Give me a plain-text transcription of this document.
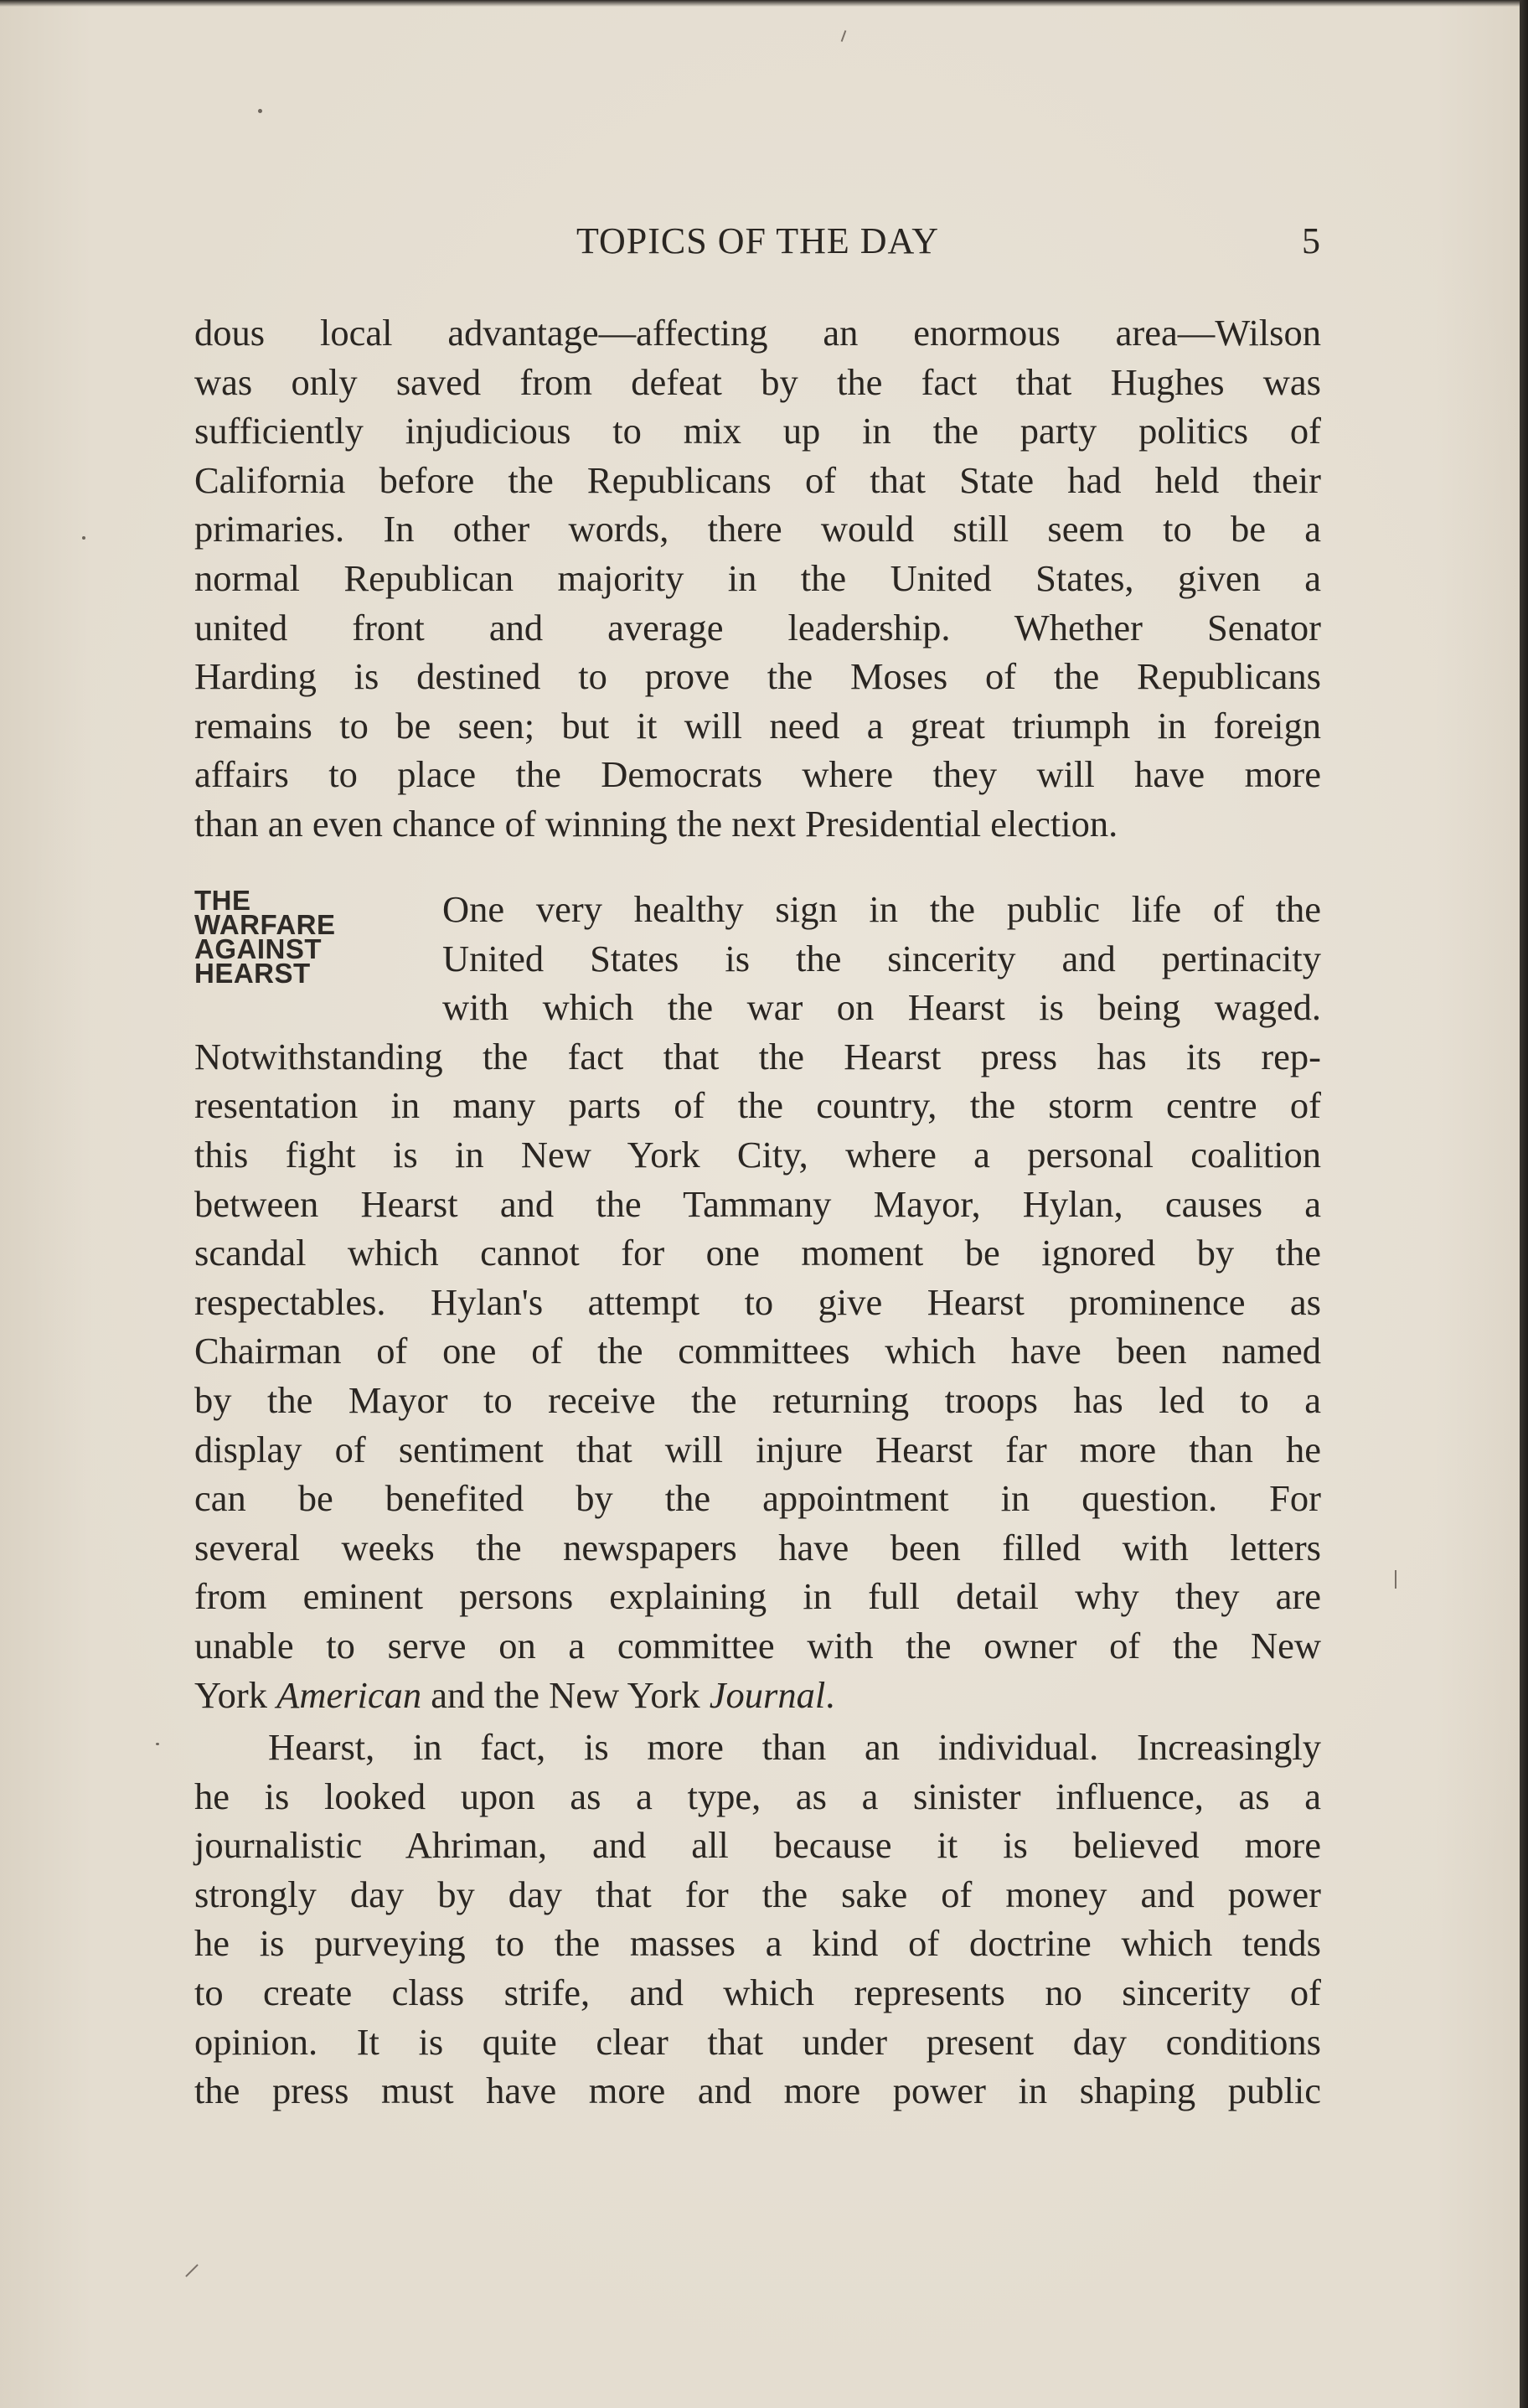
TOPICS OF THE DAY	5
dous local advantage—affecting an enormous area—Wilson
was only saved from defeat by the fact that Hughes was
sufficiently injudicious to mix up in the party politics of
California before the Republicans of that State had held their
primaries. In other words, there would still seem to be a
normal Republican majority in the United States, given a
united front and average leadership. Whether Senator
Harding is destined to prove the Moses of the Republicans
remains to be seen; but it will need a great triumph in foreign
affairs to place the Democrats where they will have more
than an even chance of winning the next Presidential election.
THE
WARFARE
AGAINST
HEARST
One very healthy sign in the public life of the
United States is the sincerity and pertinacity
with which the war on Hearst is being waged.
Notwithstanding the fact that the Hearst press has its rep-
resentation in many parts of the country, the storm centre of
this fight is in New York City, where a personal coalition
between Hearst and the Tammany Mayor, Hylan, causes a
scandal which cannot for one moment be ignored by the
respectables. Hylan's attempt to give Hearst prominence as
Chairman of one of the committees which have been named
by the Mayor to receive the returning troops has led to a
display of sentiment that will injure Hearst far more than he
can be benefited by the appointment in question. For
several weeks the newspapers have been filled with letters
from eminent persons explaining in full detail why they are
unable to serve on a committee with the owner of the New
York American and the New York Journal.
Hearst, in fact, is more than an individual. Increasingly
he is looked upon as a type, as a sinister influence, as a
journalistic Ahriman, and all because it is believed more
strongly day by day that for the sake of money and power
he is purveying to the masses a kind of doctrine which tends
to create class strife, and which represents no sincerity of
opinion. It is quite clear that under present day conditions
the press must have more and more power in shaping public
